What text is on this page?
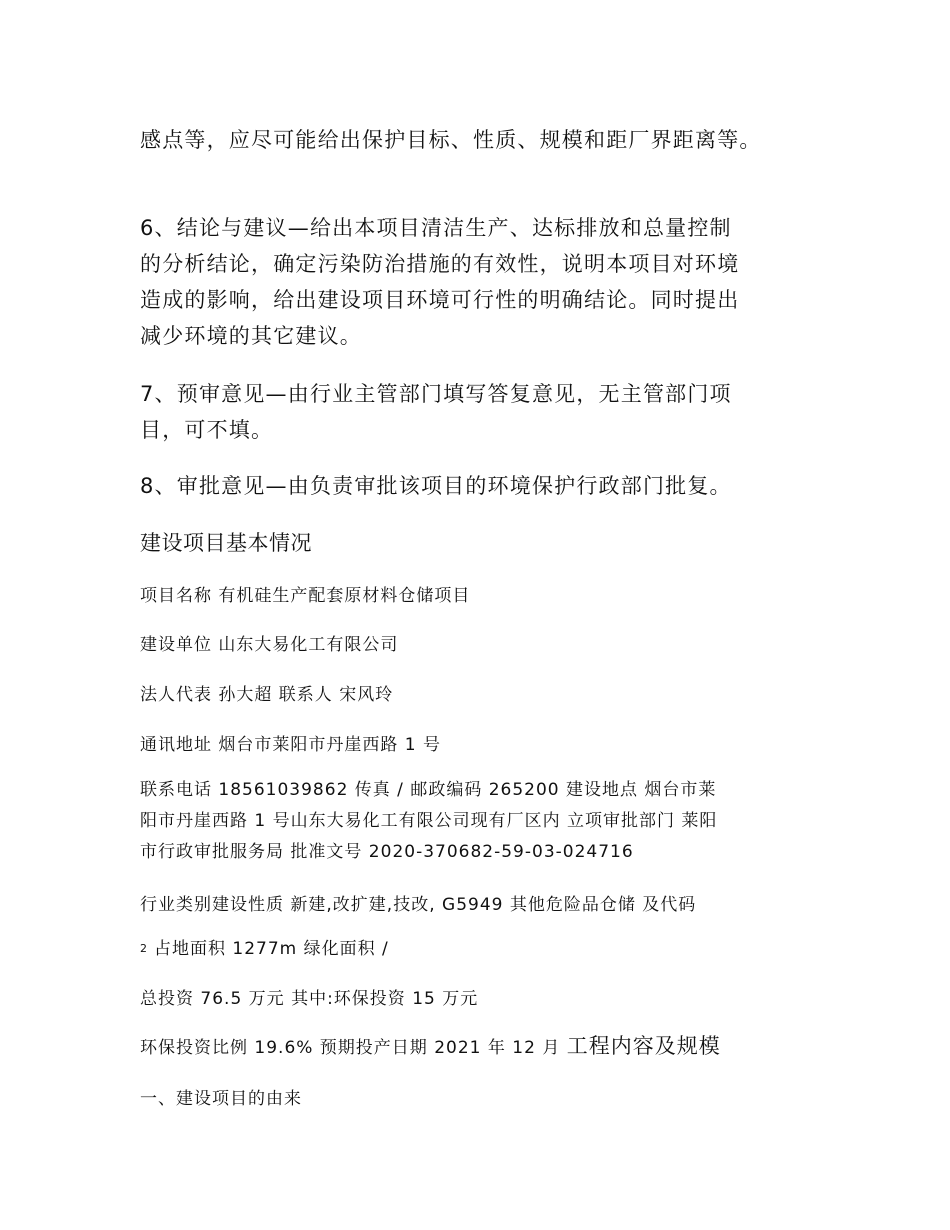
感点等，应尽可能给出保护目标、性质、规模和距厂界距离等。

6、结论与建议—给出本项目清洁生产、达标排放和总量控制
的分析结论，确定污染防治措施的有效性，说明本项目对环境
造成的影响，给出建设项目环境可行性的明确结论。同时提出
减少环境的其它建议。

7、预审意见—由行业主管部门填写答复意见，无主管部门项
目，可不填。

8、审批意见—由负责审批该项目的环境保护行政部门批复。

建设项目基本情况

项目名称 有机硅生产配套原材料仓储项目

建设单位 山东大易化工有限公司

法人代表 孙大超 联系人 宋风玲

通讯地址 烟台市莱阳市丹崖西路 1 号

联系电话 18561039862 传真 / 邮政编码 265200 建设地点 烟台市莱
阳市丹崖西路 1 号山东大易化工有限公司现有厂区内 立项审批部门 莱阳
市行政审批服务局 批准文号 2020-370682-59-03-024716

行业类别建设性质 新建,改扩建,技改, G5949 其他危险品仓储 及代码

2 占地面积 1277m 绿化面积 /

总投资 76.5 万元 其中:环保投资 15 万元

环保投资比例 19.6% 预期投产日期 2021 年 12 月 工程内容及规模

一、建设项目的由来
